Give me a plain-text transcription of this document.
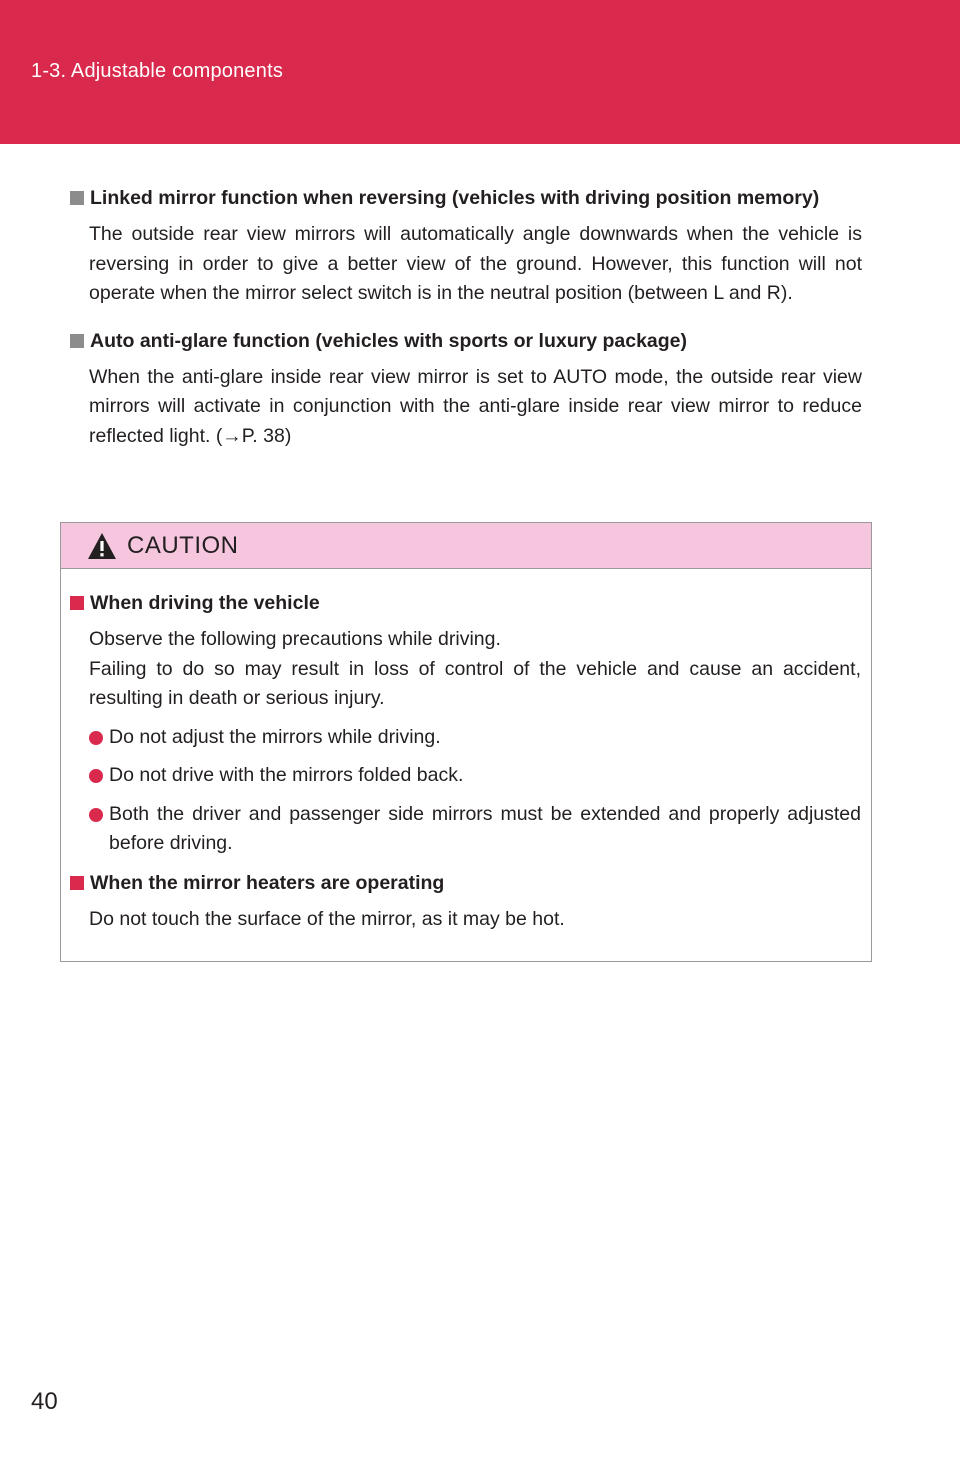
1-3. Adjustable components
Linked mirror function when reversing (vehicles with driving position memory)
The outside rear view mirrors will automatically angle downwards when the vehicle is reversing in order to give a better view of the ground. However, this function will not operate when the mirror select switch is in the neutral position (between L and R).
Auto anti-glare function (vehicles with sports or luxury package)
When the anti-glare inside rear view mirror is set to AUTO mode, the outside rear view mirrors will activate in conjunction with the anti-glare inside rear view mirror to reduce reflected light. (→P. 38)
CAUTION
When driving the vehicle
Observe the following precautions while driving.
Failing to do so may result in loss of control of the vehicle and cause an accident, resulting in death or serious injury.
Do not adjust the mirrors while driving.
Do not drive with the mirrors folded back.
Both the driver and passenger side mirrors must be extended and properly adjusted before driving.
When the mirror heaters are operating
Do not touch the surface of the mirror, as it may be hot.
40
